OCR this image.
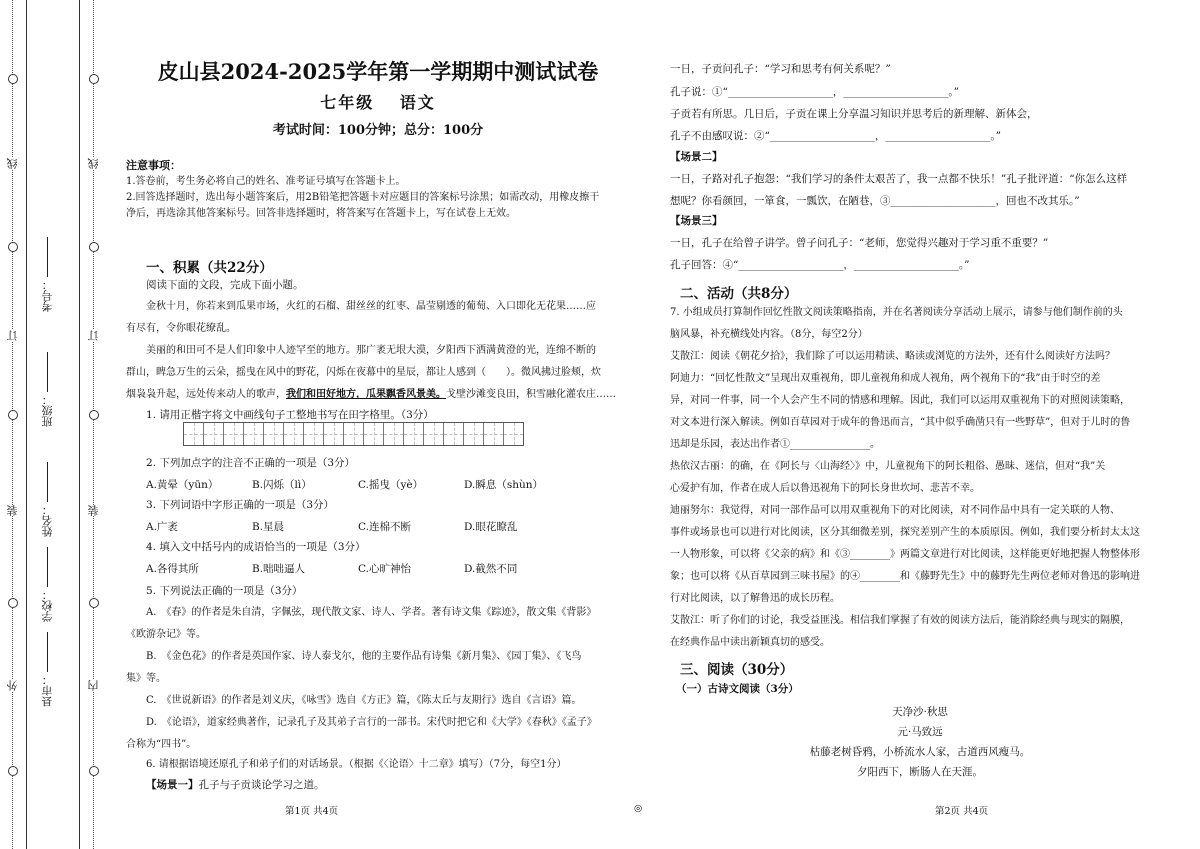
线
订
装
外
线
订
装
内
考号：
班级：
姓名：
学校：
县市：
皮山县2024-2025学年第一学期期中测试试卷
七年级　 语文
考试时间：100分钟；总分：100分
注意事项：
1.答卷前，考生务必将自己的姓名、准考证号填写在答题卡上。
2.回答选择题时，选出每小题答案后，用2B铅笔把答题卡对应题目的答案标号涂黑；如需改动，用橡皮擦干
净后，再选涂其他答案标号。回答非选择题时，将答案写在答题卡上，写在试卷上无效。
一、积累（共22分）
阅读下面的文段，完成下面小题。
金秋十月，你若来到瓜果市场，火红的石榴、甜丝丝的红枣、晶莹剔透的葡萄、入口即化无花果……应
有尽有，令你眼花缭乱。
美丽的和田可不是人们印象中人迹罕至的地方。那广袤无垠大漠，夕阳西下洒满黄澄的光，连绵不断的
群山，睥急万生的云朵，摇曳在风中的野花，闪烁在夜幕中的星辰，都让人感到（　　）。微风拂过脸颊，炊
烟袅袅升起，远处传来动人的歌声，我们和田好地方，瓜果飘香风景美。戈壁沙滩变良田，积雪融化灌农庄……
1. 请用正楷字将文中画线句子工整地书写在田字格里。（3分）
2. 下列加点字的注音不正确的一项是（3分）
A.黄晕（yūn）	B.闪烁（lì）	C.摇曳（yè）	D.瞬息（shùn）
3. 下列词语中字形正确的一项是（3分）
A.广袤	B.星晨	C.连棉不断	D.眼花瞭乱
4. 填入文中括号内的成语恰当的一项是（3分）
A.各得其所	B.咄咄逼人	C.心旷神怡	D.截然不同
5. 下列说法正确的一项是（3分）
A.　《春》的作者是朱自清，字佩弦，现代散文家、诗人、学者。著有诗文集《踪迹》，散文集《背影》
《欧游杂记》等。
B.　《金色花》的作者是英国作家、诗人泰戈尔，他的主要作品有诗集《新月集》、《园丁集》、《飞鸟
集》等。
C.　《世说新语》的作者是刘义庆，《咏雪》选自《方正》篇，《陈太丘与友期行》选自《言语》篇。
D.　《论语》，道家经典著作，记录孔子及其弟子言行的一部书。宋代时把它和《大学》《春秋》《孟子》
合称为“四书”。
6. 请根据语境还原孔子和弟子们的对话场景。（根据《〈论语〉十二章》填写）（7分，每空1分）
【场景一】孔子与子贡谈论学习之道。
一日，子贡问孔子：“学习和思考有何关系呢？”
孔子说：①“____________________，____________________。”
子贡若有所思。几日后，子贡在课上分享温习知识并思考后的新理解、新体会，
孔子不由感叹说：②“____________________，____________________。”
【场景二】
一日，子路对孔子抱怨：“我们学习的条件太艰苦了，我一点都不快乐！”孔子批评道：“你怎么这样
想呢？你看颜回，一箪食，一瓢饮，在陋巷，③____________________，回也不改其乐。”
【场景三】
一日，孔子在给曾子讲学。曾子问孔子：“老师，您觉得兴趣对于学习重不重要？”
孔子回答：④“____________________，____________________。”
二、活动（共8分）
7. 小组成员打算制作回忆性散文阅读策略指南，并在名著阅读分享活动上展示，请参与他们制作前的头
脑风暴，补充横线处内容。（8分，每空2分）
艾散江：阅读《朝花夕拾》，我们除了可以运用精读、略读或浏览的方法外，还有什么阅读好方法吗？
阿迪力：“回忆性散文”呈现出双重视角，即儿童视角和成人视角，两个视角下的“我”由于时空的差
异，对同一件事，同一个人会产生不同的情感和理解。因此，我们可以运用双重视角下的对照阅读策略，
对文本进行深入解读。例如百草园对于成年的鲁迅而言，“其中似乎确凿只有一些野草”，但对于儿时的鲁
迅却是乐园，表达出作者①________________。
热依汉古丽：的确，在《阿长与〈山海经〉》中，儿童视角下的阿长粗俗、愚昧、迷信，但对“我”关
心爱护有加，作者在成人后以鲁迅视角下的阿长身世坎坷、悲苦不幸。
迪丽努尔：我觉得，对同一部作品可以用双重视角下的对比阅读，对不同作品中具有一定关联的人物、
事件或场景也可以进行对比阅读，区分其细微差别，探究差别产生的本质原因。例如，我们要分析封太太这
一人物形象，可以将《父亲的病》和《③________》两篇文章进行对比阅读，这样能更好地把握人物整体形
象；也可以将《从百草园到三味书屋》的④________和《藤野先生》中的藤野先生两位老师对鲁迅的影响进
行对比阅读，以了解鲁迅的成长历程。
艾散江：听了你们的讨论，我受益匪浅。相信我们掌握了有效的阅读方法后，能消除经典与现实的隔膜，
在经典作品中读出新颖真切的感受。
三、阅读（30分）
（一）古诗文阅读（3分）
天净沙·秋思
元·马致远
枯藤老树昏鸦，小桥流水人家，古道西风瘦马。
夕阳西下，断肠人在天涯。
第1页 共4页	◎	第2页 共4页
